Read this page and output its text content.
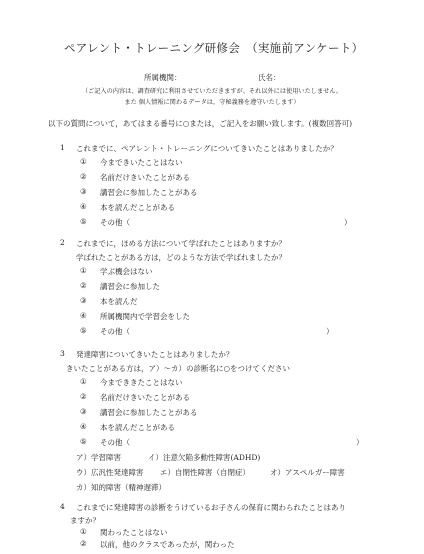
ペアレント・トレーニング研修会　（実施前アンケート）
所属機関：	氏名：
（ご記入の内容は、調査研究に利用させていただきますが、それ以外には使用いたしません。
また 個人情報に関わるデータは，守秘義務を遵守いたします）
以下の質問について，あてはまる番号に○または，ご記入をお願い致します。(複数回答可)
1 これまでに、ペアレント・トレーニングについてきいたことはありましたか？
① 今まできいたことはない
② 名前だけきいたことがある
③ 講習会に参加したことがある
④ 本を読んだことがある
⑤ その他（	）
2 これまでに，ほめる方法について学ばれたことはありますか？
学ばれたことがある方は，どのような方法で学ばれましたか？
① 学ぶ機会はない
② 講習会に参加した
③ 本を読んだ
④ 所属機関内で学習会をした
⑤ その他（	）
3 発達障害についてきいたことはありましたか？
きいたことがある方は，ア）～カ）の診断名に○をつけてください
① 今までききたことはない
② 名前だけきいたことがある
③ 講習会に参加したことがある
④ 本を読んだことがある
⑤ その他（	）
ア）学習障害	イ）注意欠陥多動性障害(ADHD)
ウ）広汎性発達障害 エ）自閉性障害（自閉症）	オ）アスペルガー障害
カ）知的障害（精神遅滞）
4 これまでに発達障害の診断をうけているお子さんの保育に関わられたことはあり
ますか？
① 関わったことはない
② 以前，他のクラスであったが，関わった
